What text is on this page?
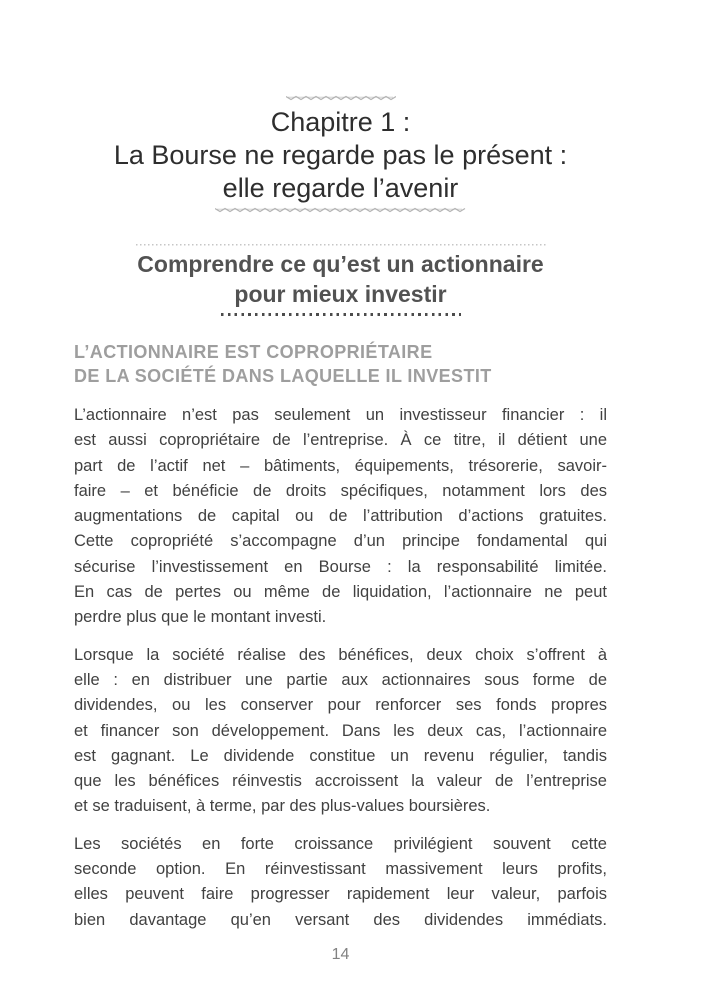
Chapitre 1 :
La Bourse ne regarde pas le présent :
elle regarde l’avenir
Comprendre ce qu’est un actionnaire
pour mieux investir
L’ACTIONNAIRE EST COPROPRIÉTAIRE
DE LA SOCIÉTÉ DANS LAQUELLE IL INVESTIT
L’actionnaire n’est pas seulement un investisseur financier : il
est aussi copropriétaire de l’entreprise. À ce titre, il détient une
part de l’actif net – bâtiments, équipements, trésorerie, savoir-
faire – et bénéficie de droits spécifiques, notamment lors des
augmentations de capital ou de l’attribution d’actions gratuites.
Cette copropriété s’accompagne d’un principe fondamental qui
sécurise l’investissement en Bourse : la responsabilité limitée.
En cas de pertes ou même de liquidation, l’actionnaire ne peut
perdre plus que le montant investi.
Lorsque la société réalise des bénéfices, deux choix s’offrent à
elle : en distribuer une partie aux actionnaires sous forme de
dividendes, ou les conserver pour renforcer ses fonds propres
et financer son développement. Dans les deux cas, l’actionnaire
est gagnant. Le dividende constitue un revenu régulier, tandis
que les bénéfices réinvestis accroissent la valeur de l’entreprise
et se traduisent, à terme, par des plus-values boursières.
Les sociétés en forte croissance privilégient souvent cette
seconde option. En réinvestissant massivement leurs profits,
elles peuvent faire progresser rapidement leur valeur, parfois
bien davantage qu’en versant des dividendes immédiats.
14
